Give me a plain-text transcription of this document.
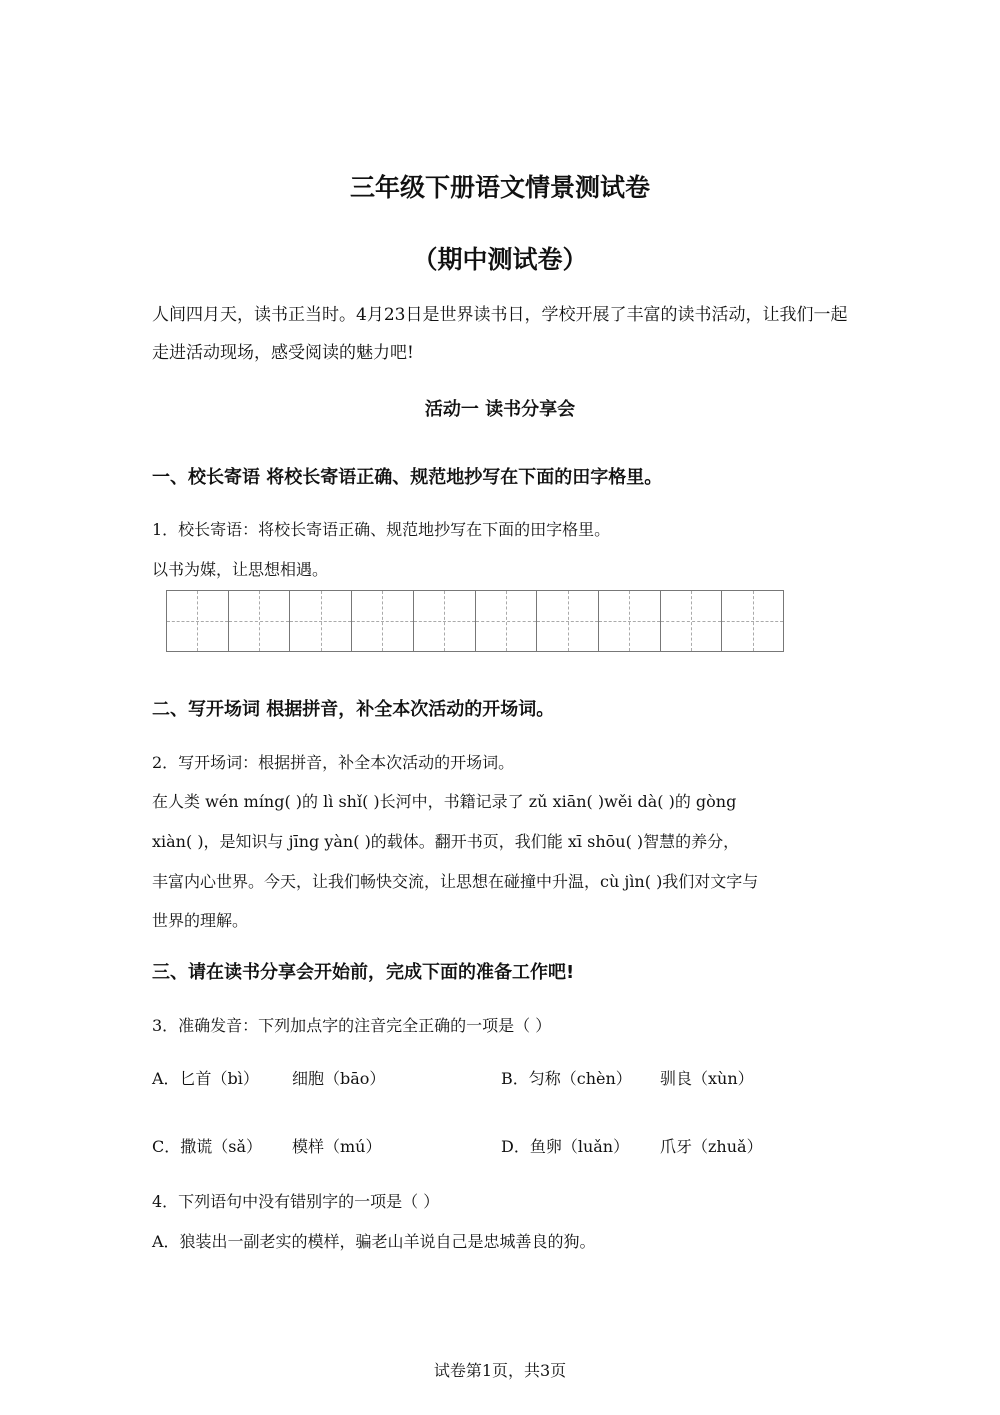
三年级下册语文情景测试卷
（期中测试卷）
人间四月天，读书正当时。4月23日是世界读书日，学校开展了丰富的读书活动，让我们一起走进活动现场，感受阅读的魅力吧!
活动一 读书分享会
一、校长寄语 将校长寄语正确、规范地抄写在下面的田字格里。
1．校长寄语：将校长寄语正确、规范地抄写在下面的田字格里。
以书为媒，让思想相遇。
二、写开场词 根据拼音，补全本次活动的开场词。
2．写开场词：根据拼音，补全本次活动的开场词。
在人类 wén míng( )的 lì shǐ( )长河中，书籍记录了 zǔ xiān( )wěi dà( )的 gòng
xiàn( )，是知识与 jīng yàn( )的载体。翻开书页，我们能 xī shōu( )智慧的养分，
丰富内心世界。今天，让我们畅快交流，让思想在碰撞中升温，cù jìn( )我们对文字与
世界的理解。
三、请在读书分享会开始前，完成下面的准备工作吧!
3．准确发音：下列加点字的注音完全正确的一项是（ ）
A．匕首（bì） 细胞（bāo）	B．匀称（chèn） 驯良（xùn）
C．撒谎（sǎ） 模样（mú）	D．鱼卵（luǎn） 爪牙（zhuǎ）
4．下列语句中没有错别字的一项是（ ）
A．狼装出一副老实的模样，骗老山羊说自己是忠城善良的狗。
试卷第1页，共3页
